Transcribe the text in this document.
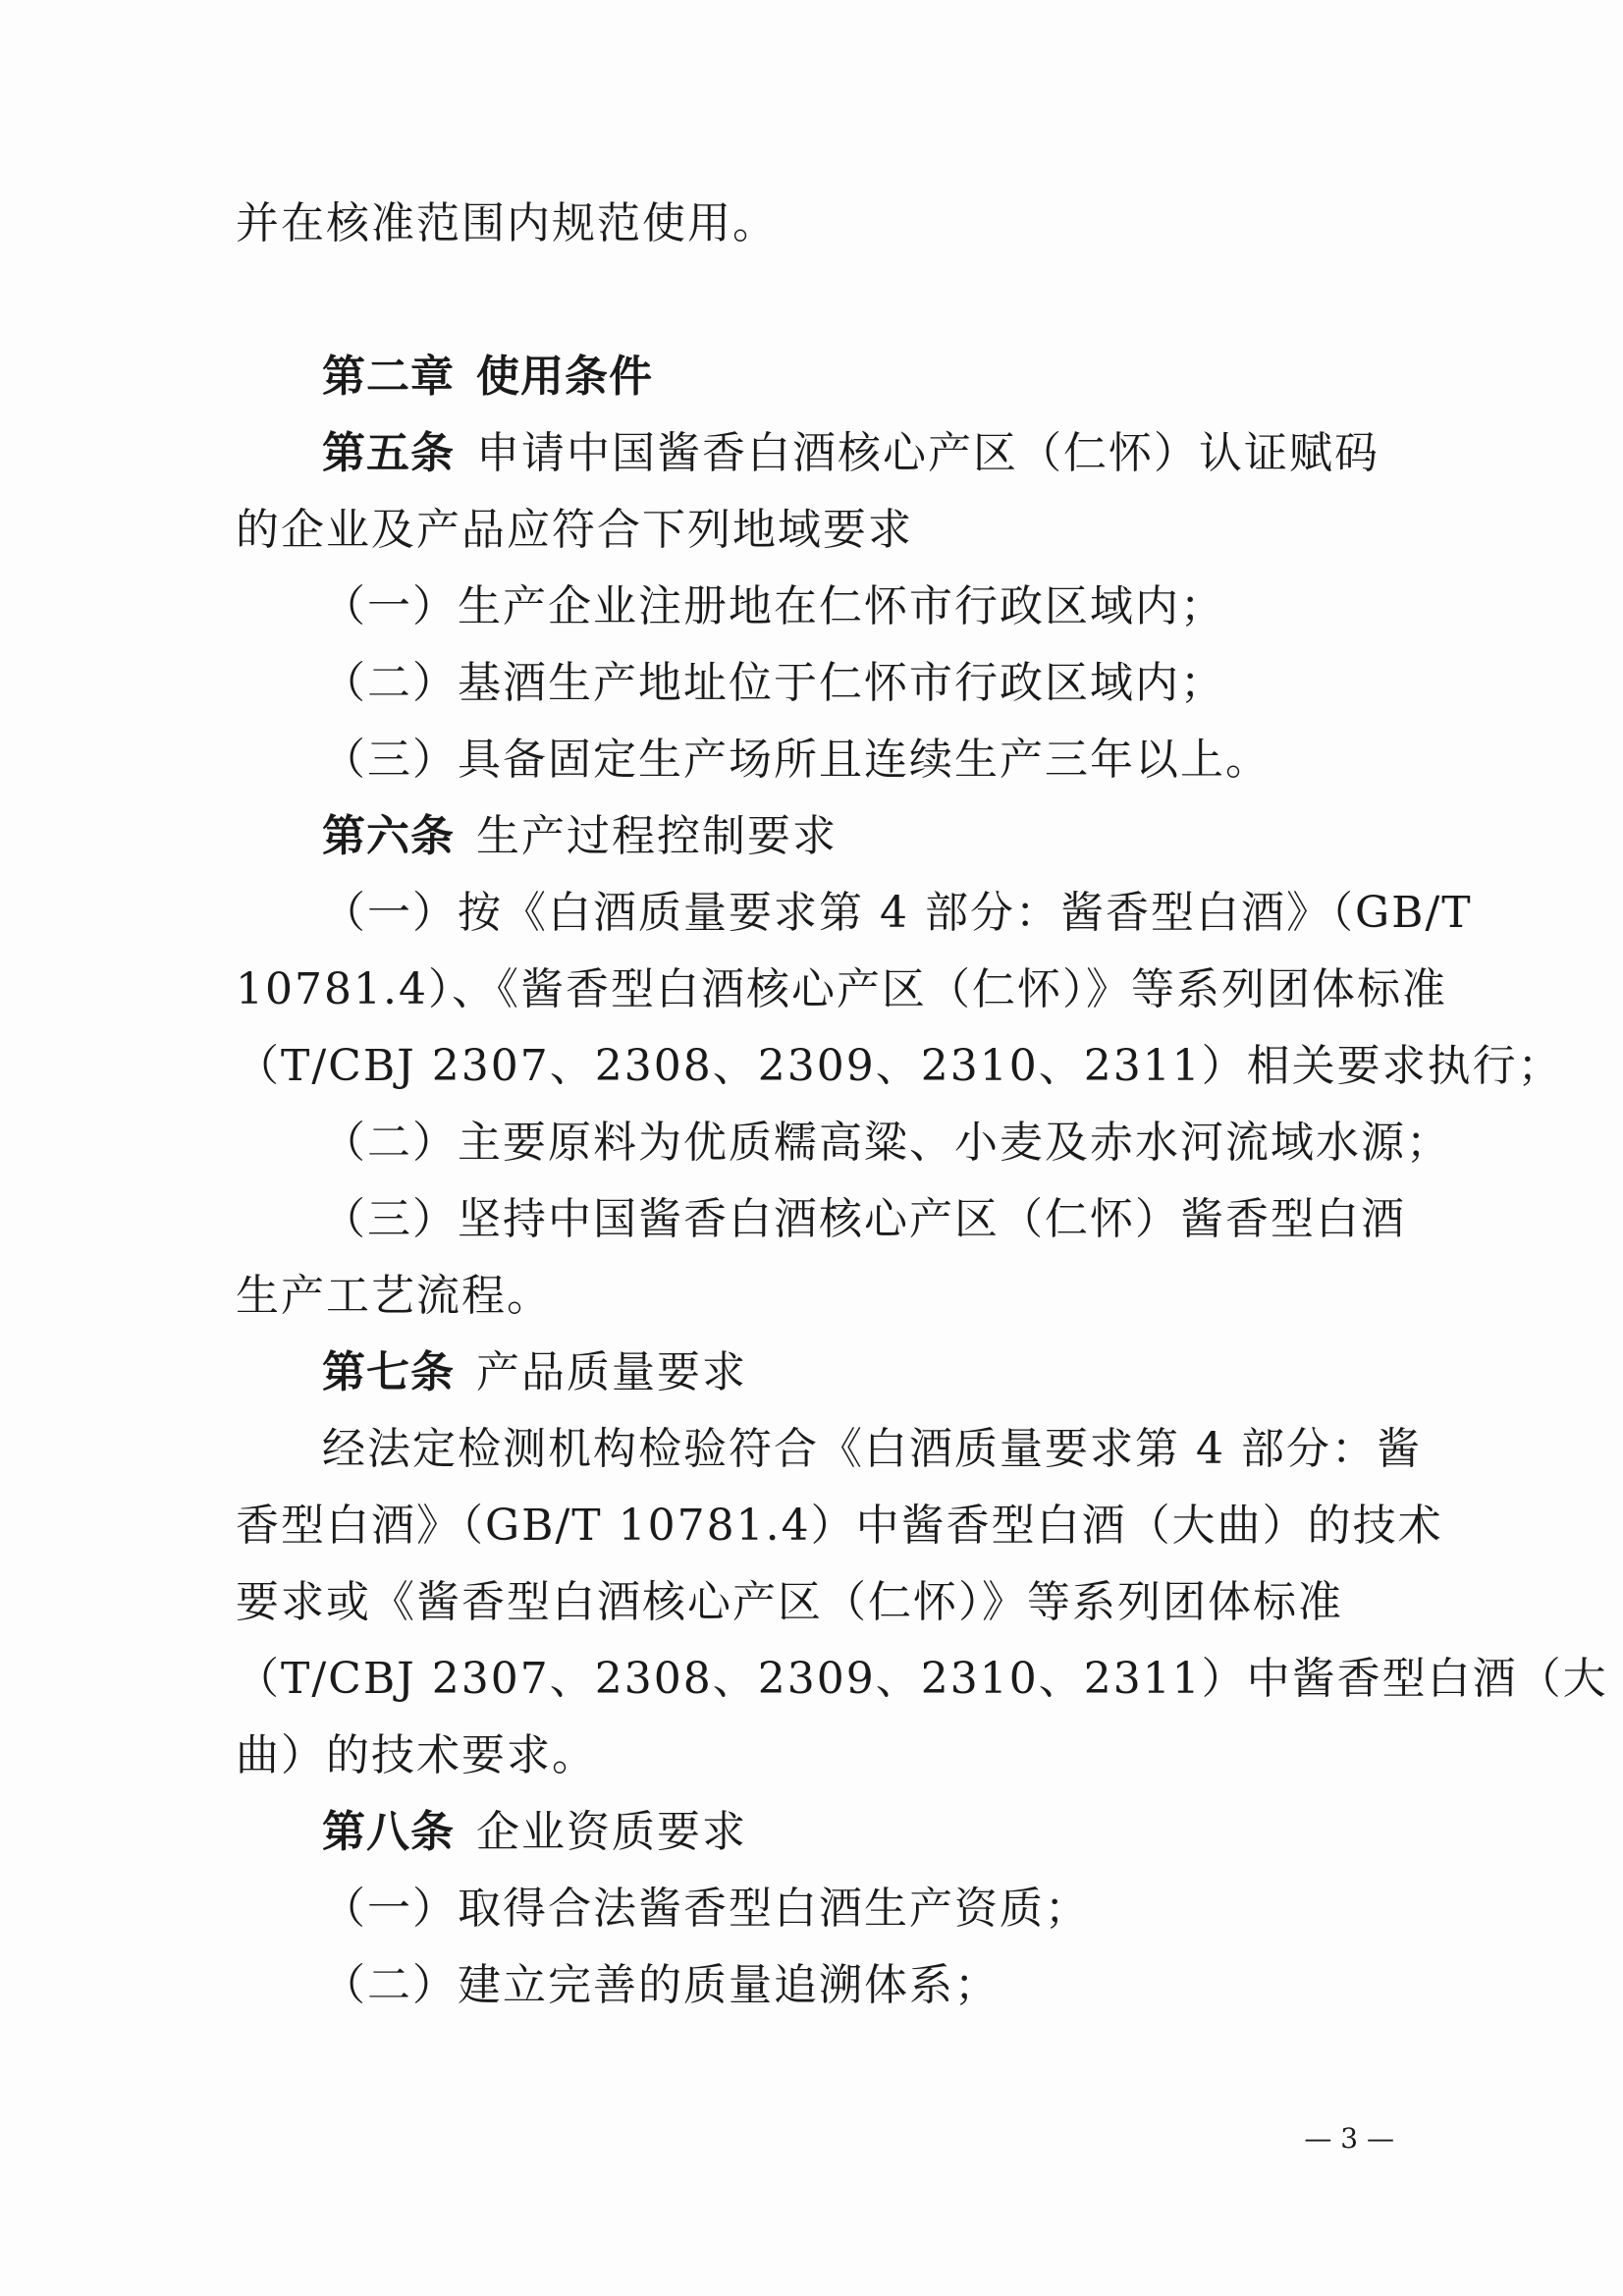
并在核准范围内规范使用。
第二章 使用条件
第五条 申请中国酱香白酒核心产区（仁怀）认证赋码
的企业及产品应符合下列地域要求
（一）生产企业注册地在仁怀市行政区域内；
（二）基酒生产地址位于仁怀市行政区域内；
（三）具备固定生产场所且连续生产三年以上。
第六条 生产过程控制要求
（一）按《白酒质量要求第 4 部分：酱香型白酒》（GB/T
10781.4）、《酱香型白酒核心产区（仁怀）》等系列团体标准
（T/CBJ 2307、2308、2309、2310、2311）相关要求执行；
（二）主要原料为优质糯高粱、小麦及赤水河流域水源；
（三）坚持中国酱香白酒核心产区（仁怀）酱香型白酒
生产工艺流程。
第七条 产品质量要求
经法定检测机构检验符合《白酒质量要求第 4 部分：酱
香型白酒》（GB/T 10781.4）中酱香型白酒（大曲）的技术
要求或《酱香型白酒核心产区（仁怀）》等系列团体标准
（T/CBJ 2307、2308、2309、2310、2311）中酱香型白酒（大
曲）的技术要求。
第八条 企业资质要求
（一）取得合法酱香型白酒生产资质；
（二）建立完善的质量追溯体系；
— 3 —
